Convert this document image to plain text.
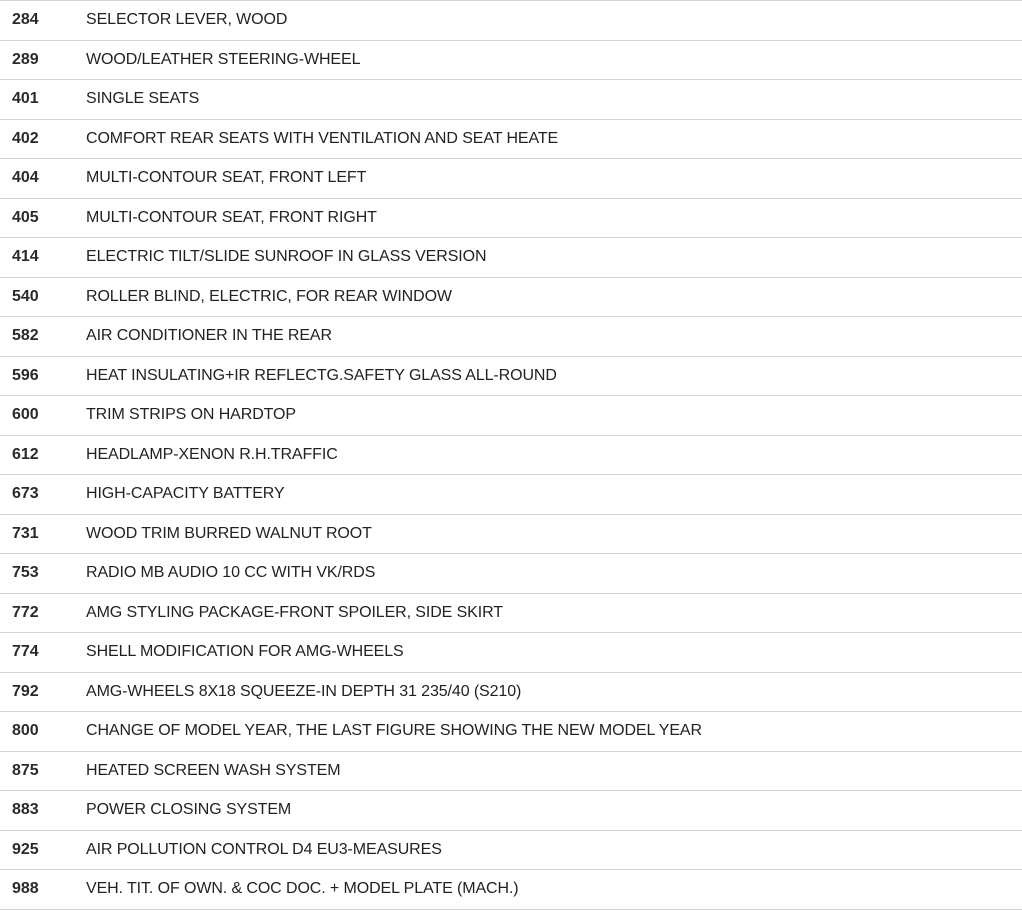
284	SELECTOR LEVER, WOOD
289	WOOD/LEATHER STEERING-WHEEL
401	SINGLE SEATS
402	COMFORT REAR SEATS WITH VENTILATION AND SEAT HEATE
404	MULTI-CONTOUR SEAT, FRONT LEFT
405	MULTI-CONTOUR SEAT, FRONT RIGHT
414	ELECTRIC TILT/SLIDE SUNROOF IN GLASS VERSION
540	ROLLER BLIND, ELECTRIC, FOR REAR WINDOW
582	AIR CONDITIONER IN THE REAR
596	HEAT INSULATING+IR REFLECTG.SAFETY GLASS ALL-ROUND
600	TRIM STRIPS ON HARDTOP
612	HEADLAMP-XENON R.H.TRAFFIC
673	HIGH-CAPACITY BATTERY
731	WOOD TRIM BURRED WALNUT ROOT
753	RADIO MB AUDIO 10 CC WITH VK/RDS
772	AMG STYLING PACKAGE-FRONT SPOILER, SIDE SKIRT
774	SHELL MODIFICATION FOR AMG-WHEELS
792	AMG-WHEELS 8X18 SQUEEZE-IN DEPTH 31 235/40 (S210)
800	CHANGE OF MODEL YEAR, THE LAST FIGURE SHOWING THE NEW MODEL YEAR
875	HEATED SCREEN WASH SYSTEM
883	POWER CLOSING SYSTEM
925	AIR POLLUTION CONTROL D4 EU3-MEASURES
988	VEH. TIT. OF OWN. & COC DOC. + MODEL PLATE (MACH.)
